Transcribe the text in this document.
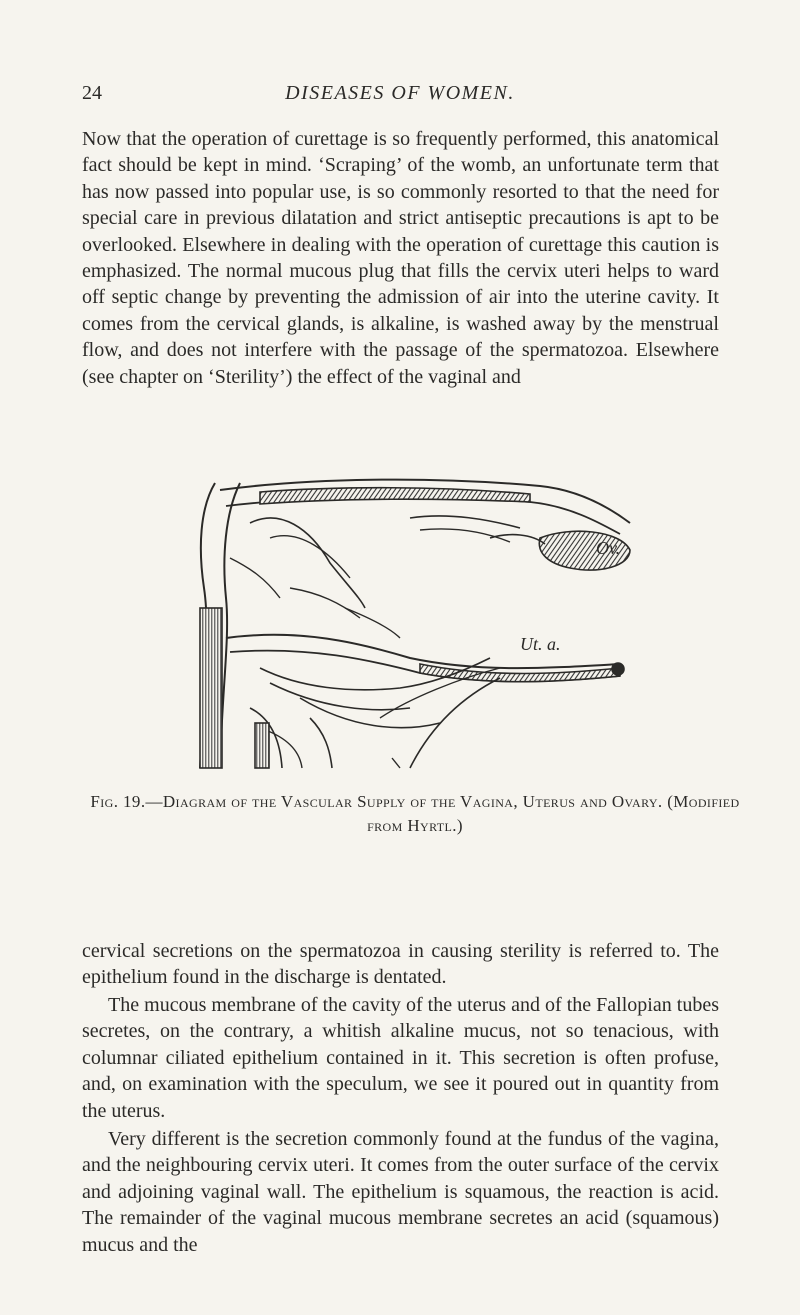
24	DISEASES OF WOMEN.

Now that the operation of curettage is so frequently performed, this anatomical fact should be kept in mind. ‘Scraping’ of the womb, an unfortunate term that has now passed into popular use, is so commonly resorted to that the need for special care in previous dilatation and strict antiseptic precautions is apt to be overlooked. Elsewhere in dealing with the operation of curettage this caution is emphasized. The normal mucous plug that fills the cervix uteri helps to ward off septic change by preventing the admission of air into the uterine cavity. It comes from the cervical glands, is alkaline, is washed away by the menstrual flow, and does not interfere with the passage of the spermatozoa. Elsewhere (see chapter on ‘Sterility’) the effect of the vaginal and

Ov.
Ut. a.
Fig. 19.—Diagram of the Vascular Supply of the Vagina, Uterus and Ovary. (Modified from Hyrtl.)

cervical secretions on the spermatozoa in causing sterility is referred to. The epithelium found in the discharge is dentated.

The mucous membrane of the cavity of the uterus and of the Fallopian tubes secretes, on the contrary, a whitish alkaline mucus, not so tenacious, with columnar ciliated epithelium contained in it. This secretion is often profuse, and, on examination with the speculum, we see it poured out in quantity from the uterus.

Very different is the secretion commonly found at the fundus of the vagina, and the neighbouring cervix uteri. It comes from the outer surface of the cervix and adjoining vaginal wall. The epithelium is squamous, the reaction is acid. The remainder of the vaginal mucous membrane secretes an acid (squamous) mucus and the
